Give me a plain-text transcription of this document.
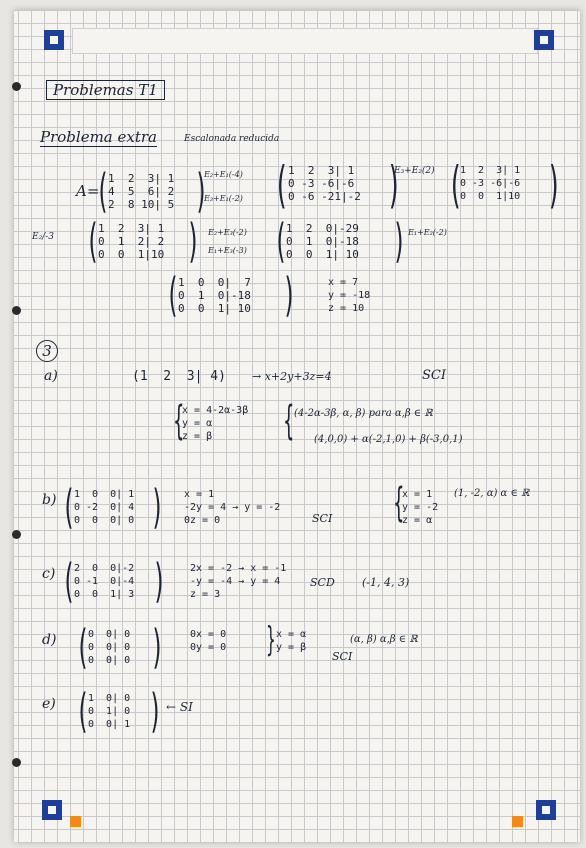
Problemas T1
Problema extra	Escalonada reducida
A= ( 1  2  3| 1
4  5  6| 2
2  8 10| 5 )
E₂+E₁(-4)
E₃+E₁(-2) ( 1  2  3| 1
0 -3 -6|-6
0 -6 -21|-2 )
E₃+E₂(2) ( 1  2  3| 1
0 -3 -6|-6
0  0  1|10 )
E₂/-3 ( 1  2  3| 1
0  1  2| 2
0  0  1|10 ) E₂+E₃(-2)
E₁+E₃(-3) ( 1  2  0|-29
0  1  0|-18
0  0  1| 10 ) E₁+E₂(-2)
( 1  0  0|  7
0  1  0|-18
0  0  1| 10 )	x = 7
y = -18
z = 10
3
a)	(1  2  3| 4) → x+2y+3z=4	SCI
{
x = 4-2α-3β
y = α
z = β	{ (4-2α-3β, α, β) para α,β ∈ ℝ
(4,0,0) + α(-2,1,0) + β(-3,0,1)
b) ( 1  0  0| 1
0 -2  0| 4
0  0  0| 0 ) x = 1
-2y = 4 → y = -2
0z = 0	SCI {
x = 1
y = -2
z = α
(1, -2, α) α ∈ ℝ
c) ( 2  0  0|-2
0 -1  0|-4
0  0  1| 3 )	2x = -2 → x = -1
-y = -4 → y = 4
z = 3
SCD (-1, 4, 3)
d) ( 0  0| 0
0  0| 0
0  0| 0 )	0x = 0
0y = 0 } x = α
y = β
(α, β) α,β ∈ ℝ
SCI
e) ( 1  0| 0
0  1| 0
0  0| 1 ) ← SI
